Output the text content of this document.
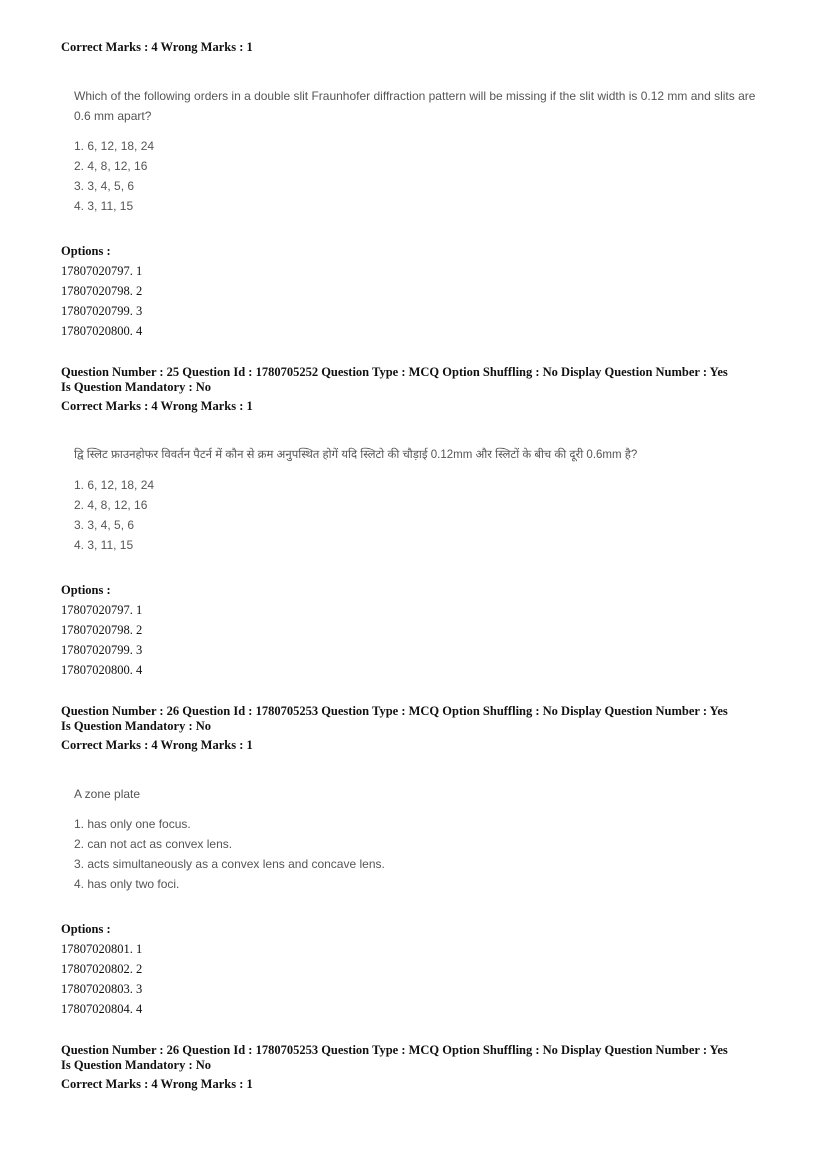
Correct Marks : 4 Wrong Marks : 1
Which of the following orders in a double slit Fraunhofer diffraction pattern will be missing if the slit width is 0.12 mm and slits are 0.6 mm apart?
1. 6, 12, 18, 24
2. 4, 8, 12, 16
3. 3, 4, 5, 6
4. 3, 11, 15
Options :
17807020797. 1
17807020798. 2
17807020799. 3
17807020800. 4
Question Number : 25 Question Id : 1780705252 Question Type : MCQ Option Shuffling : No Display Question Number : Yes
Is Question Mandatory : No
Correct Marks : 4 Wrong Marks : 1
द्वि स्लिट फ्राउनहोफर विवर्तन पैटर्न में कौन से क्रम अनुपस्थित होगें यदि स्लिटो की चौड़ाई 0.12mm और स्लिटों के बीच की दूरी 0.6mm है?
1. 6, 12, 18, 24
2. 4, 8, 12, 16
3. 3, 4, 5, 6
4. 3, 11, 15
Options :
17807020797. 1
17807020798. 2
17807020799. 3
17807020800. 4
Question Number : 26 Question Id : 1780705253 Question Type : MCQ Option Shuffling : No Display Question Number : Yes
Is Question Mandatory : No
Correct Marks : 4 Wrong Marks : 1
A zone plate
1. has only one focus.
2. can not act as convex lens.
3. acts simultaneously as a convex lens and concave lens.
4. has only two foci.
Options :
17807020801. 1
17807020802. 2
17807020803. 3
17807020804. 4
Question Number : 26 Question Id : 1780705253 Question Type : MCQ Option Shuffling : No Display Question Number : Yes
Is Question Mandatory : No
Correct Marks : 4 Wrong Marks : 1
